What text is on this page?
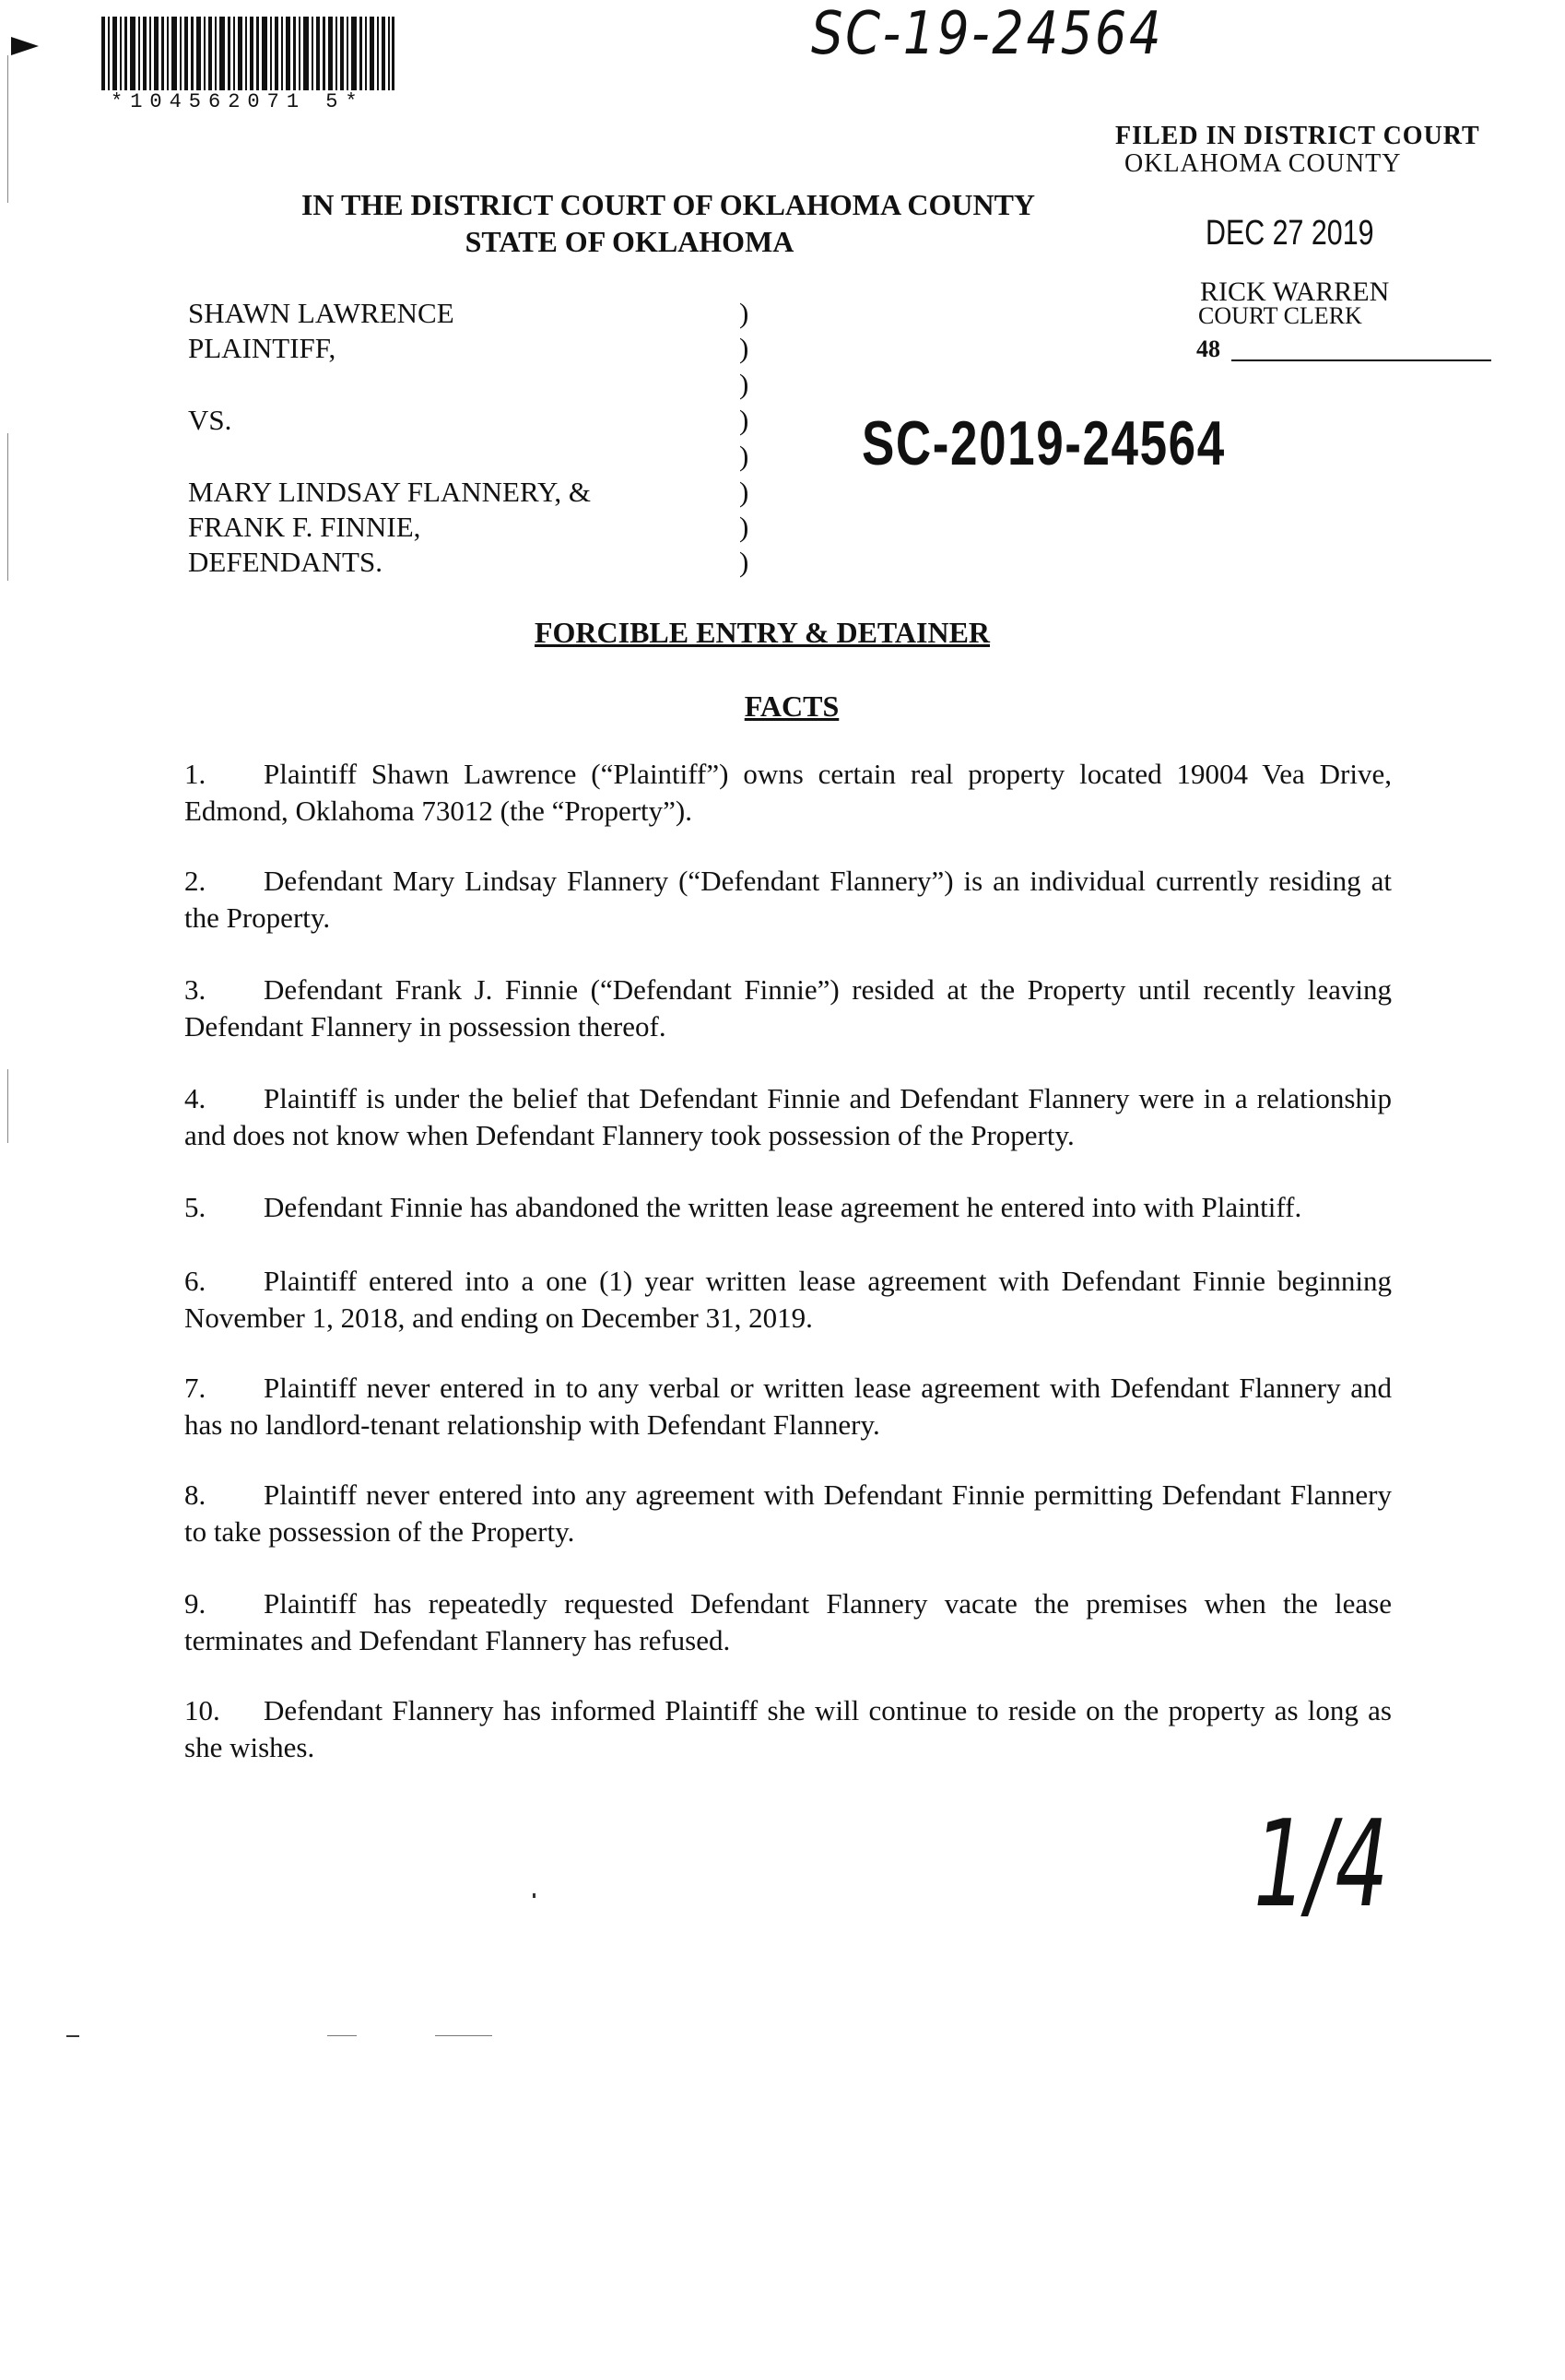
*104562071 5*
SC-19-24564
FILED IN DISTRICT COURT
OKLAHOMA COUNTY
DEC 27 2019
RICK WARREN
COURT CLERK
48
IN THE DISTRICT COURT OF OKLAHOMA COUNTY
STATE OF OKLAHOMA
SHAWN LAWRENCE
PLAINTIFF,
VS.
MARY LINDSAY FLANNERY, &
FRANK F. FINNIE,
DEFENDANTS.
)
)
)
)
)
)
)
)
SC-2019-24564
FORCIBLE ENTRY & DETAINER
FACTS
1. Plaintiff Shawn Lawrence (“Plaintiff”) owns certain real property located 19004 Vea Drive, Edmond, Oklahoma 73012 (the “Property”).
2. Defendant Mary Lindsay Flannery (“Defendant Flannery”) is an individual currently residing at the Property.
3. Defendant Frank J. Finnie (“Defendant Finnie”) resided at the Property until recently leaving Defendant Flannery in possession thereof.
4. Plaintiff is under the belief that Defendant Finnie and Defendant Flannery were in a relationship and does not know when Defendant Flannery took possession of the Property.
5. Defendant Finnie has abandoned the written lease agreement he entered into with Plaintiff.
6. Plaintiff entered into a one (1) year written lease agreement with Defendant Finnie beginning November 1, 2018, and ending on December 31, 2019.
7. Plaintiff never entered in to any verbal or written lease agreement with Defendant Flannery and has no landlord-tenant relationship with Defendant Flannery.
8. Plaintiff never entered into any agreement with Defendant Finnie permitting Defendant Flannery to take possession of the Property.
9. Plaintiff has repeatedly requested Defendant Flannery vacate the premises when the lease terminates and Defendant Flannery has refused.
10. Defendant Flannery has informed Plaintiff she will continue to reside on the property as long as she wishes.
1/4
